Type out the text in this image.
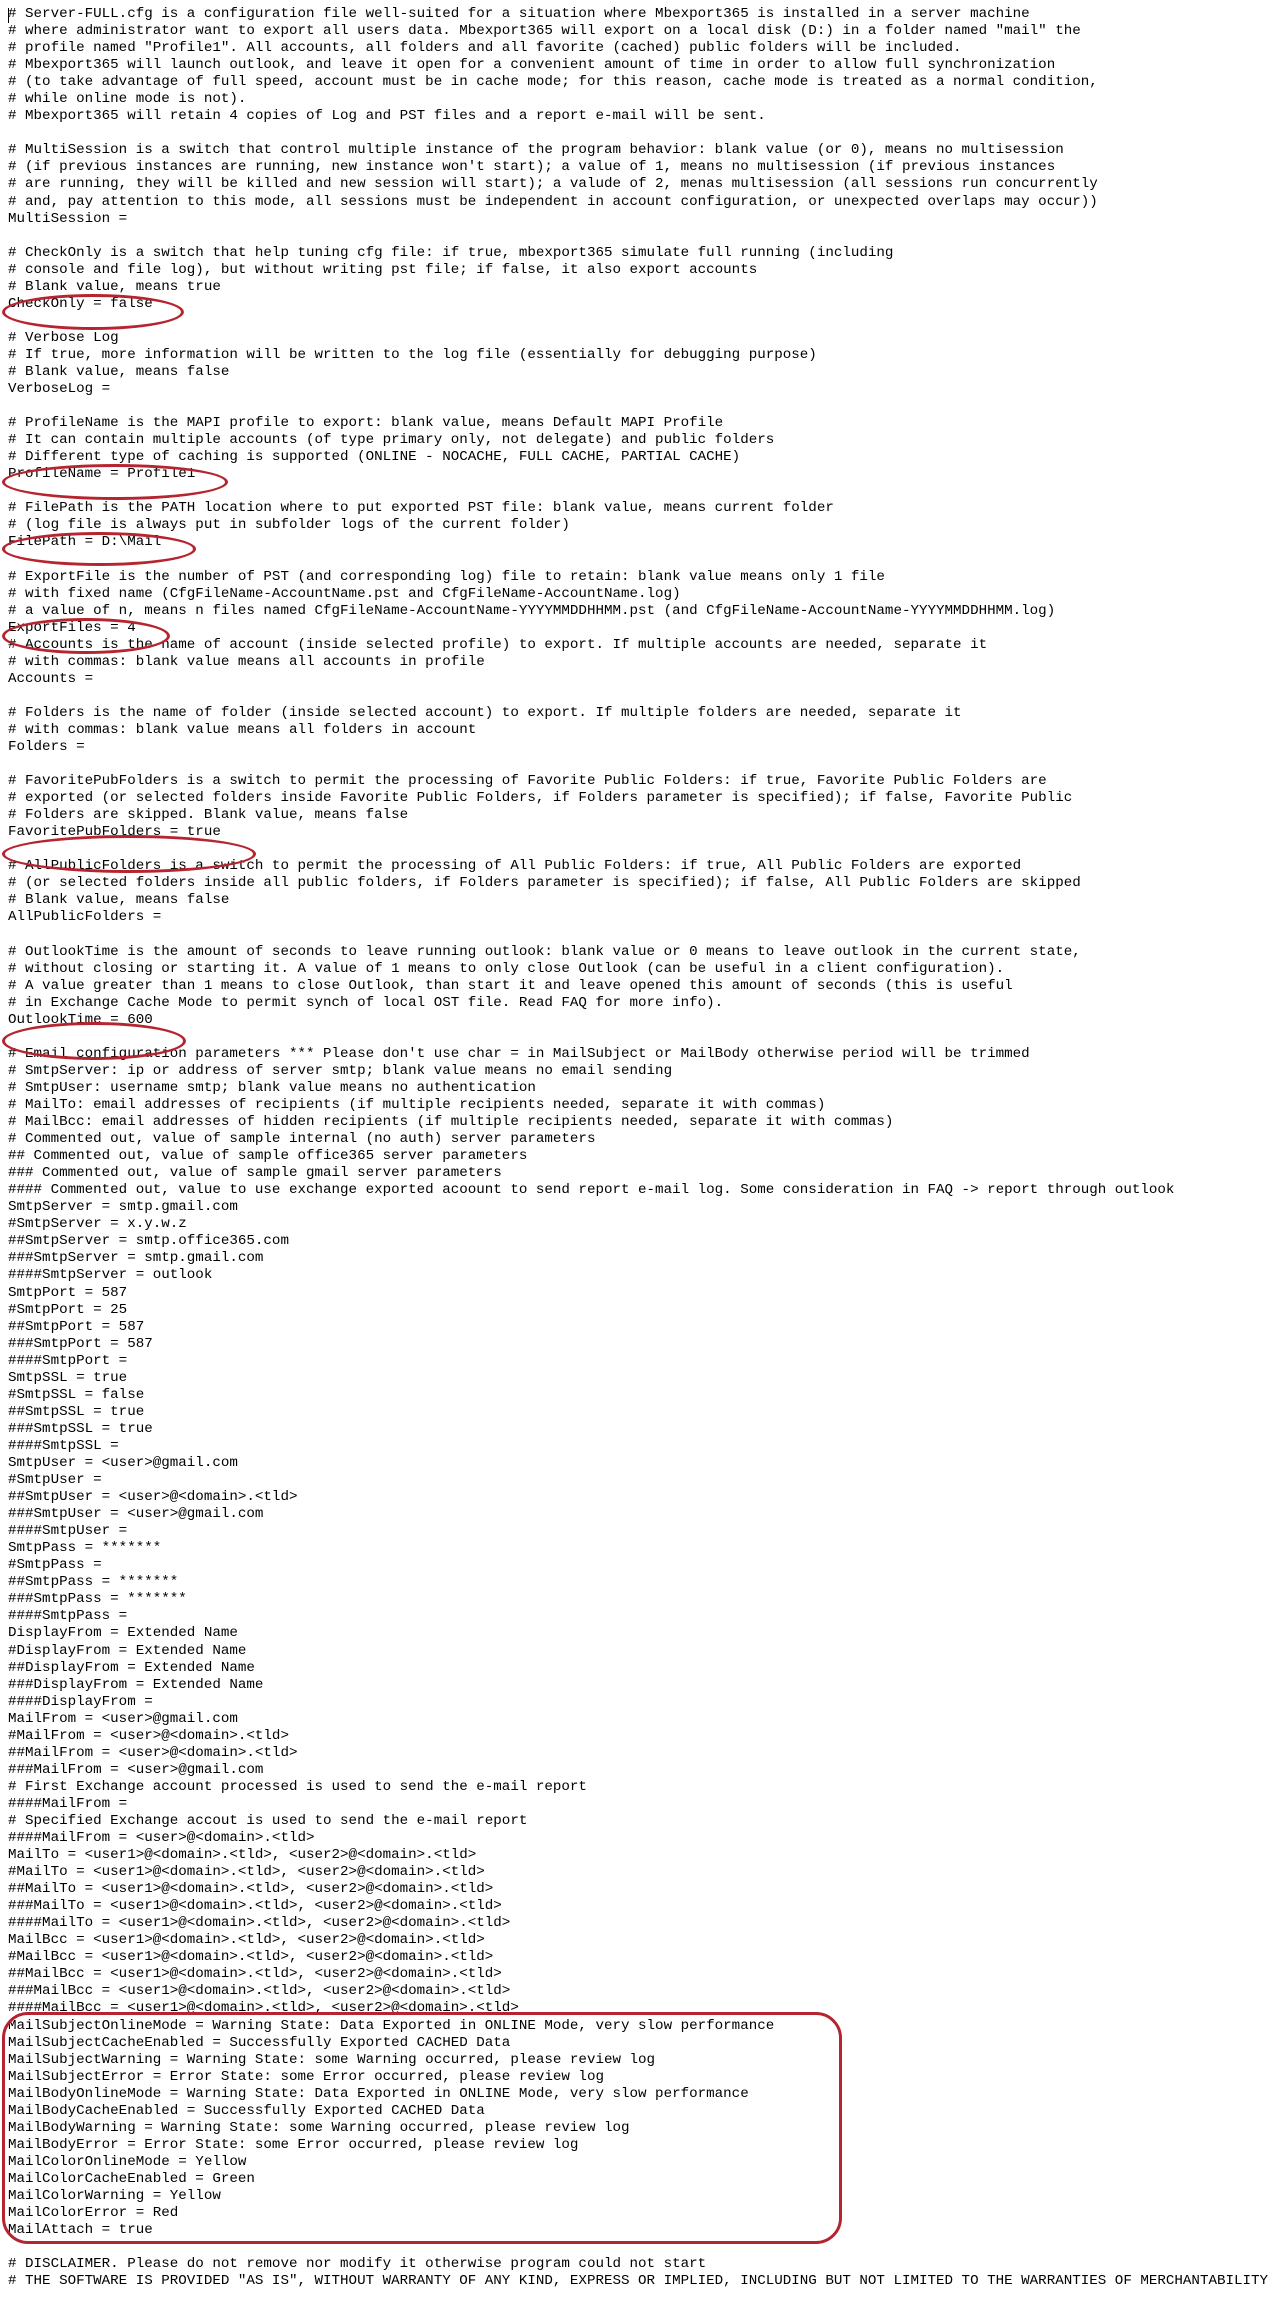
# Server-FULL.cfg is a configuration file well-suited for a situation where Mbexport365 is installed in a server machine
# where administrator want to export all users data. Mbexport365 will export on a local disk (D:) in a folder named "mail" the
# profile named "Profile1". All accounts, all folders and all favorite (cached) public folders will be included.
# Mbexport365 will launch outlook, and leave it open for a convenient amount of time in order to allow full synchronization
# (to take advantage of full speed, account must be in cache mode; for this reason, cache mode is treated as a normal condition,
# while online mode is not).
# Mbexport365 will retain 4 copies of Log and PST files and a report e-mail will be sent.
# MultiSession is a switch that control multiple instance of the program behavior: blank value (or 0), means no multisession
# (if previous instances are running, new instance won't start); a value of 1, means no multisession (if previous instances
# are running, they will be killed and new session will start); a valude of 2, menas multisession (all sessions run concurrently
# and, pay attention to this mode, all sessions must be independent in account configuration, or unexpected overlaps may occur))
MultiSession =
# CheckOnly is a switch that help tuning cfg file: if true, mbexport365 simulate full running (including
# console and file log), but without writing pst file; if false, it also export accounts
# Blank value, means true
CheckOnly = false
# Verbose Log
# If true, more information will be written to the log file (essentially for debugging purpose)
# Blank value, means false
VerboseLog =
# ProfileName is the MAPI profile to export: blank value, means Default MAPI Profile
# It can contain multiple accounts (of type primary only, not delegate) and public folders
# Different type of caching is supported (ONLINE - NOCACHE, FULL CACHE, PARTIAL CACHE)
ProfileName = Profile1
# FilePath is the PATH location where to put exported PST file: blank value, means current folder
# (log file is always put in subfolder logs of the current folder)
FilePath = D:\Mail
# ExportFile is the number of PST (and corresponding log) file to retain: blank value means only 1 file
# with fixed name (CfgFileName-AccountName.pst and CfgFileName-AccountName.log)
# a value of n, means n files named CfgFileName-AccountName-YYYYMMDDHHMM.pst (and CfgFileName-AccountName-YYYYMMDDHHMM.log)
ExportFiles = 4
# Accounts is the name of account (inside selected profile) to export. If multiple accounts are needed, separate it
# with commas: blank value means all accounts in profile
Accounts =
# Folders is the name of folder (inside selected account) to export. If multiple folders are needed, separate it
# with commas: blank value means all folders in account
Folders =
# FavoritePubFolders is a switch to permit the processing of Favorite Public Folders: if true, Favorite Public Folders are
# exported (or selected folders inside Favorite Public Folders, if Folders parameter is specified); if false, Favorite Public
# Folders are skipped. Blank value, means false
FavoritePubFolders = true
# AllPublicFolders is a switch to permit the processing of All Public Folders: if true, All Public Folders are exported
# (or selected folders inside all public folders, if Folders parameter is specified); if false, All Public Folders are skipped
# Blank value, means false
AllPublicFolders =
# OutlookTime is the amount of seconds to leave running outlook: blank value or 0 means to leave outlook in the current state,
# without closing or starting it. A value of 1 means to only close Outlook (can be useful in a client configuration).
# A value greater than 1 means to close Outlook, than start it and leave opened this amount of seconds (this is useful
# in Exchange Cache Mode to permit synch of local OST file. Read FAQ for more info).
OutlookTime = 600
# Email configuration parameters *** Please don't use char = in MailSubject or MailBody otherwise period will be trimmed
# SmtpServer: ip or address of server smtp; blank value means no email sending
# SmtpUser: username smtp; blank value means no authentication
# MailTo: email addresses of recipients (if multiple recipients needed, separate it with commas)
# MailBcc: email addresses of hidden recipients (if multiple recipients needed, separate it with commas)
# Commented out, value of sample internal (no auth) server parameters
## Commented out, value of sample office365 server parameters
### Commented out, value of sample gmail server parameters
#### Commented out, value to use exchange exported acoount to send report e-mail log. Some consideration in FAQ -> report through outlook
SmtpServer = smtp.gmail.com
#SmtpServer = x.y.w.z
##SmtpServer = smtp.office365.com
###SmtpServer = smtp.gmail.com
####SmtpServer = outlook
SmtpPort = 587
#SmtpPort = 25
##SmtpPort = 587
###SmtpPort = 587
####SmtpPort =
SmtpSSL = true
#SmtpSSL = false
##SmtpSSL = true
###SmtpSSL = true
####SmtpSSL =
SmtpUser = <user>@gmail.com
#SmtpUser =
##SmtpUser = <user>@<domain>.<tld>
###SmtpUser = <user>@gmail.com
####SmtpUser =
SmtpPass = *******
#SmtpPass =
##SmtpPass = *******
###SmtpPass = *******
####SmtpPass =
DisplayFrom = Extended Name
#DisplayFrom = Extended Name
##DisplayFrom = Extended Name
###DisplayFrom = Extended Name
####DisplayFrom =
MailFrom = <user>@gmail.com
#MailFrom = <user>@<domain>.<tld>
##MailFrom = <user>@<domain>.<tld>
###MailFrom = <user>@gmail.com
# First Exchange account processed is used to send the e-mail report
####MailFrom =
# Specified Exchange accout is used to send the e-mail report
####MailFrom = <user>@<domain>.<tld>
MailTo = <user1>@<domain>.<tld>, <user2>@<domain>.<tld>
#MailTo = <user1>@<domain>.<tld>, <user2>@<domain>.<tld>
##MailTo = <user1>@<domain>.<tld>, <user2>@<domain>.<tld>
###MailTo = <user1>@<domain>.<tld>, <user2>@<domain>.<tld>
####MailTo = <user1>@<domain>.<tld>, <user2>@<domain>.<tld>
MailBcc = <user1>@<domain>.<tld>, <user2>@<domain>.<tld>
#MailBcc = <user1>@<domain>.<tld>, <user2>@<domain>.<tld>
##MailBcc = <user1>@<domain>.<tld>, <user2>@<domain>.<tld>
###MailBcc = <user1>@<domain>.<tld>, <user2>@<domain>.<tld>
####MailBcc = <user1>@<domain>.<tld>, <user2>@<domain>.<tld>
MailSubjectOnlineMode = Warning State: Data Exported in ONLINE Mode, very slow performance
MailSubjectCacheEnabled = Successfully Exported CACHED Data
MailSubjectWarning = Warning State: some Warning occurred, please review log
MailSubjectError = Error State: some Error occurred, please review log
MailBodyOnlineMode = Warning State: Data Exported in ONLINE Mode, very slow performance
MailBodyCacheEnabled = Successfully Exported CACHED Data
MailBodyWarning = Warning State: some Warning occurred, please review log
MailBodyError = Error State: some Error occurred, please review log
MailColorOnlineMode = Yellow
MailColorCacheEnabled = Green
MailColorWarning = Yellow
MailColorError = Red
MailAttach = true
# DISCLAIMER. Please do not remove nor modify it otherwise program could not start
# THE SOFTWARE IS PROVIDED "AS IS", WITHOUT WARRANTY OF ANY KIND, EXPRESS OR IMPLIED, INCLUDING BUT NOT LIMITED TO THE WARRANTIES OF MERCHANTABILITY
